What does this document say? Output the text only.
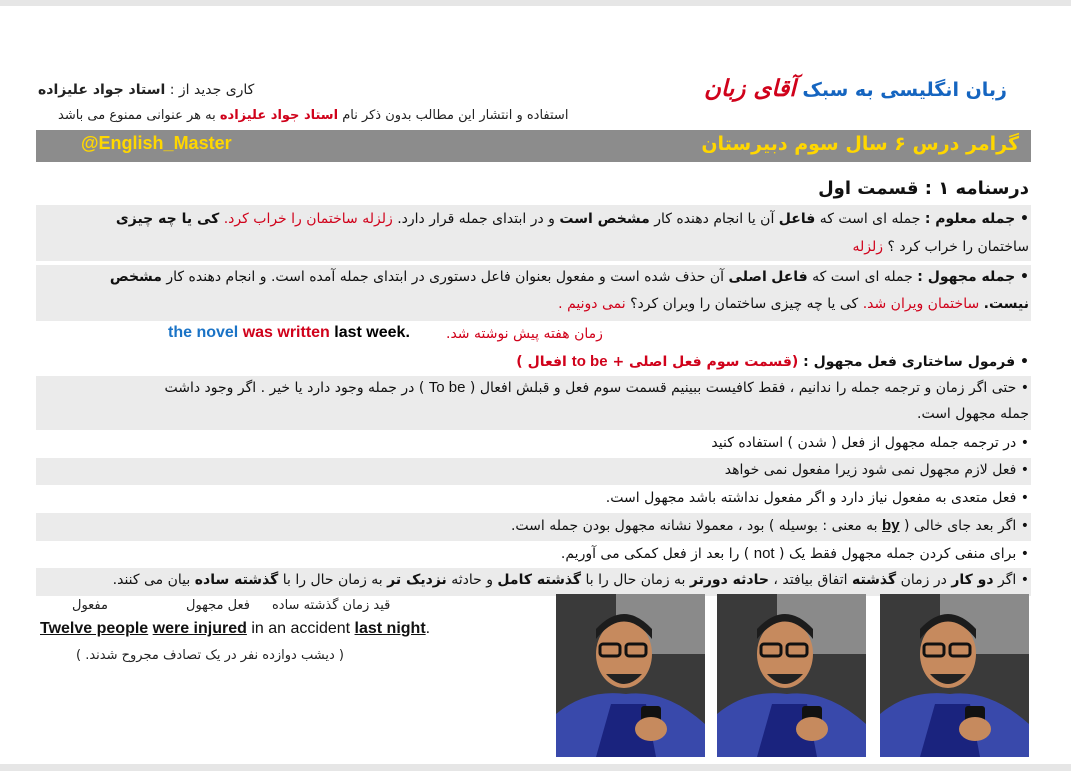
زبان انگلیسی به سبک آقای زبان
کاری جدید از : استاد جواد علیزاده
استفاده و انتشار این مطالب بدون ذکر نام استاد جواد علیزاده به هر عنوانی ممنوع می باشد
گرامر درس ۶ سال سوم دبیرستان
@English_Master
درسنامه ۱ : قسمت اول
• جمله معلوم : جمله ای است که فاعل آن یا انجام دهنده کار مشخص است و در ابتدای جمله قرار دارد. زلزله ساختمان را خراب کرد. کی یا چه چیزی
ساختمان را خراب کرد ؟ زلزله
• جمله مجهول : جمله ای است که فاعل اصلی آن حذف شده است و مفعول بعنوان فاعل دستوری در ابتدای جمله آمده است. و انجام دهنده کار مشخص
نیست. ساختمان ویران شد. کی یا چه چیزی ساختمان را ویران کرد؟ نمی دونیم .
the novel was written last week.	زمان هفته پیش نوشته شد.
• فرمول ساختاری فعل مجهول : (قسمت سوم فعل اصلی + to be افعال )
• حتی اگر زمان و ترجمه جمله را ندانیم ، فقط کافیست ببینیم قسمت سوم فعل و قبلش افعال ( To be ) در جمله وجود دارد یا خیر . اگر وجود داشت
جمله مجهول است.
• در ترجمه جمله مجهول از فعل ( شدن ) استفاده کنید
• فعل لازم مجهول نمی شود زیرا مفعول نمی خواهد
• فعل متعدی به مفعول نیاز دارد و اگر مفعول نداشته باشد مجهول است.
• اگر بعد جای خالی ( by به معنی : بوسیله ) بود ، معمولا نشانه مجهول بودن جمله است.
• برای منفی کردن جمله مجهول فقط یک ( not ) را بعد از فعل کمکی می آوریم.
• اگر دو کار در زمان گذشته اتفاق بیافتد ، حادثه دورتر به زمان حال را با گذشته کامل و حادثه نزدیک تر به زمان حال را با گذشته ساده بیان می کنند.
قید زمان گذشته ساده
فعل مجهول
مفعول
Twelve people were injured in an accident last night.
( دیشب دوازده نفر در یک تصادف مجروح شدند. )
